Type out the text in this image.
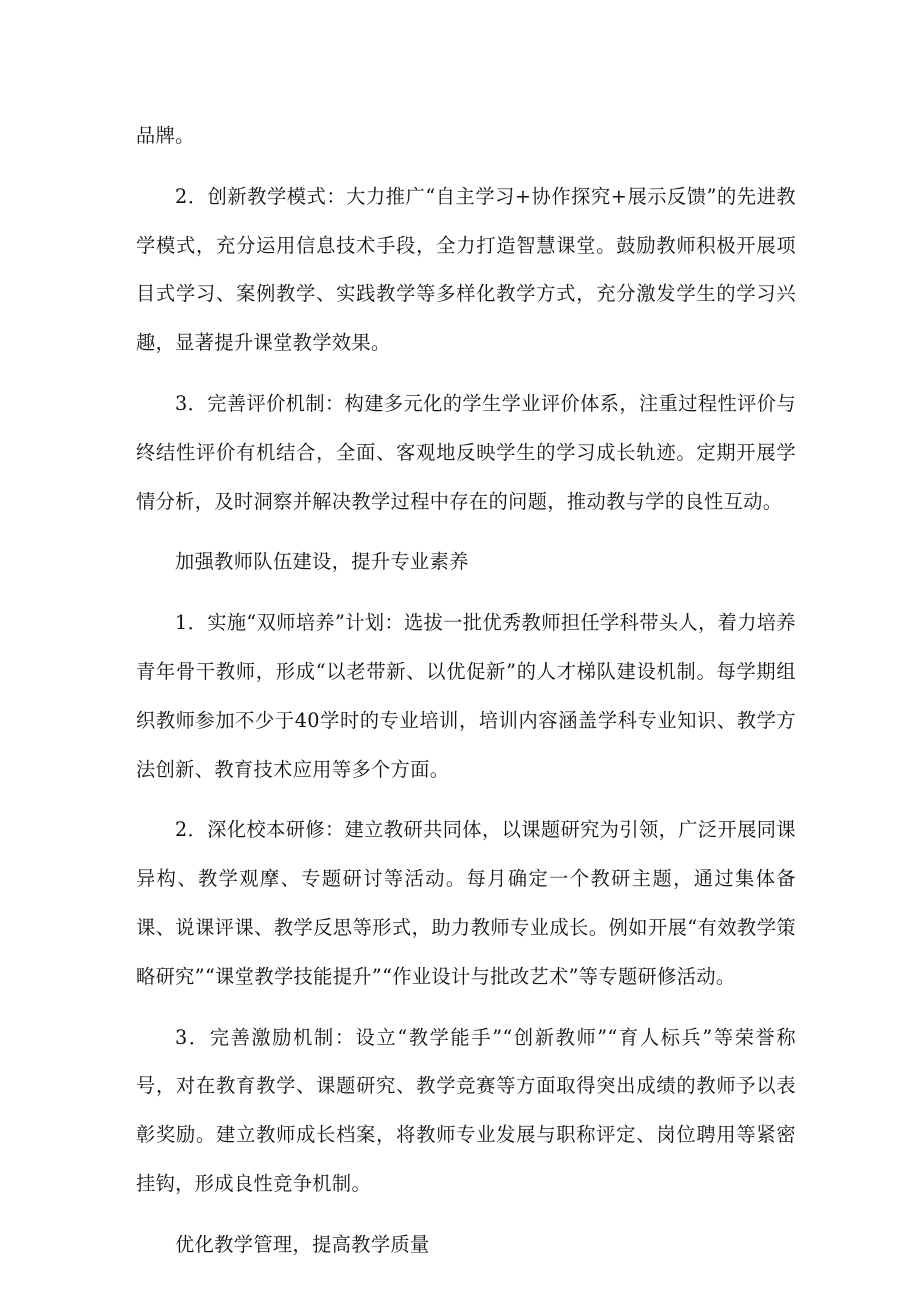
品牌。

2．创新教学模式：大力推广“自主学习+协作探究+展示反馈”的先进教学模式，充分运用信息技术手段，全力打造智慧课堂。鼓励教师积极开展项目式学习、案例教学、实践教学等多样化教学方式，充分激发学生的学习兴趣，显著提升课堂教学效果。

3．完善评价机制：构建多元化的学生学业评价体系，注重过程性评价与终结性评价有机结合，全面、客观地反映学生的学习成长轨迹。定期开展学情分析，及时洞察并解决教学过程中存在的问题，推动教与学的良性互动。

加强教师队伍建设，提升专业素养

1．实施“双师培养”计划：选拔一批优秀教师担任学科带头人，着力培养青年骨干教师，形成“以老带新、以优促新”的人才梯队建设机制。每学期组织教师参加不少于40学时的专业培训，培训内容涵盖学科专业知识、教学方法创新、教育技术应用等多个方面。

2．深化校本研修：建立教研共同体，以课题研究为引领，广泛开展同课异构、教学观摩、专题研讨等活动。每月确定一个教研主题，通过集体备课、说课评课、教学反思等形式，助力教师专业成长。例如开展“有效教学策略研究”“课堂教学技能提升”“作业设计与批改艺术”等专题研修活动。

3．完善激励机制：设立“教学能手”“创新教师”“育人标兵”等荣誉称号，对在教育教学、课题研究、教学竞赛等方面取得突出成绩的教师予以表彰奖励。建立教师成长档案，将教师专业发展与职称评定、岗位聘用等紧密挂钩，形成良性竞争机制。

优化教学管理，提高教学质量
